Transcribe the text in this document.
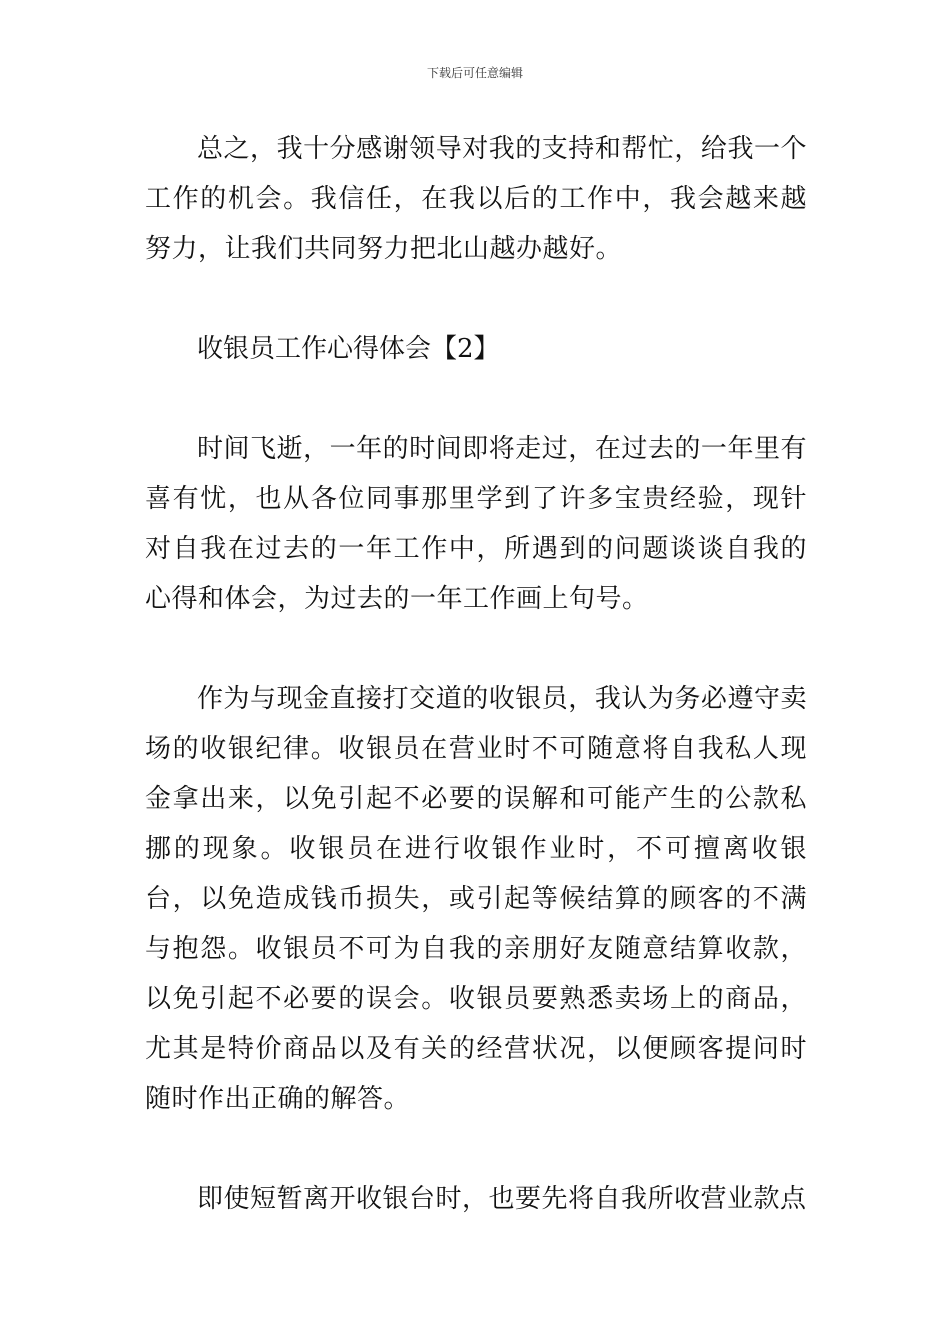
下载后可任意编辑

总之，我十分感谢领导对我的支持和帮忙，给我一个工作的机会。我信任，在我以后的工作中，我会越来越努力，让我们共同努力把北山越办越好。

收银员工作心得体会【2】

时间飞逝，一年的时间即将走过，在过去的一年里有喜有忧，也从各位同事那里学到了许多宝贵经验，现针对自我在过去的一年工作中，所遇到的问题谈谈自我的心得和体会，为过去的一年工作画上句号。

作为与现金直接打交道的收银员，我认为务必遵守卖场的收银纪律。收银员在营业时不可随意将自我私人现金拿出来，以免引起不必要的误解和可能产生的公款私挪的现象。收银员在进行收银作业时，不可擅离收银台，以免造成钱币损失，或引起等候结算的顾客的不满与抱怨。收银员不可为自我的亲朋好友随意结算收款，以免引起不必要的误会。收银员要熟悉卖场上的商品，尤其是特价商品以及有关的经营状况，以便顾客提问时随时作出正确的解答。

即使短暂离开收银台时，也要先将自我所收营业款点
